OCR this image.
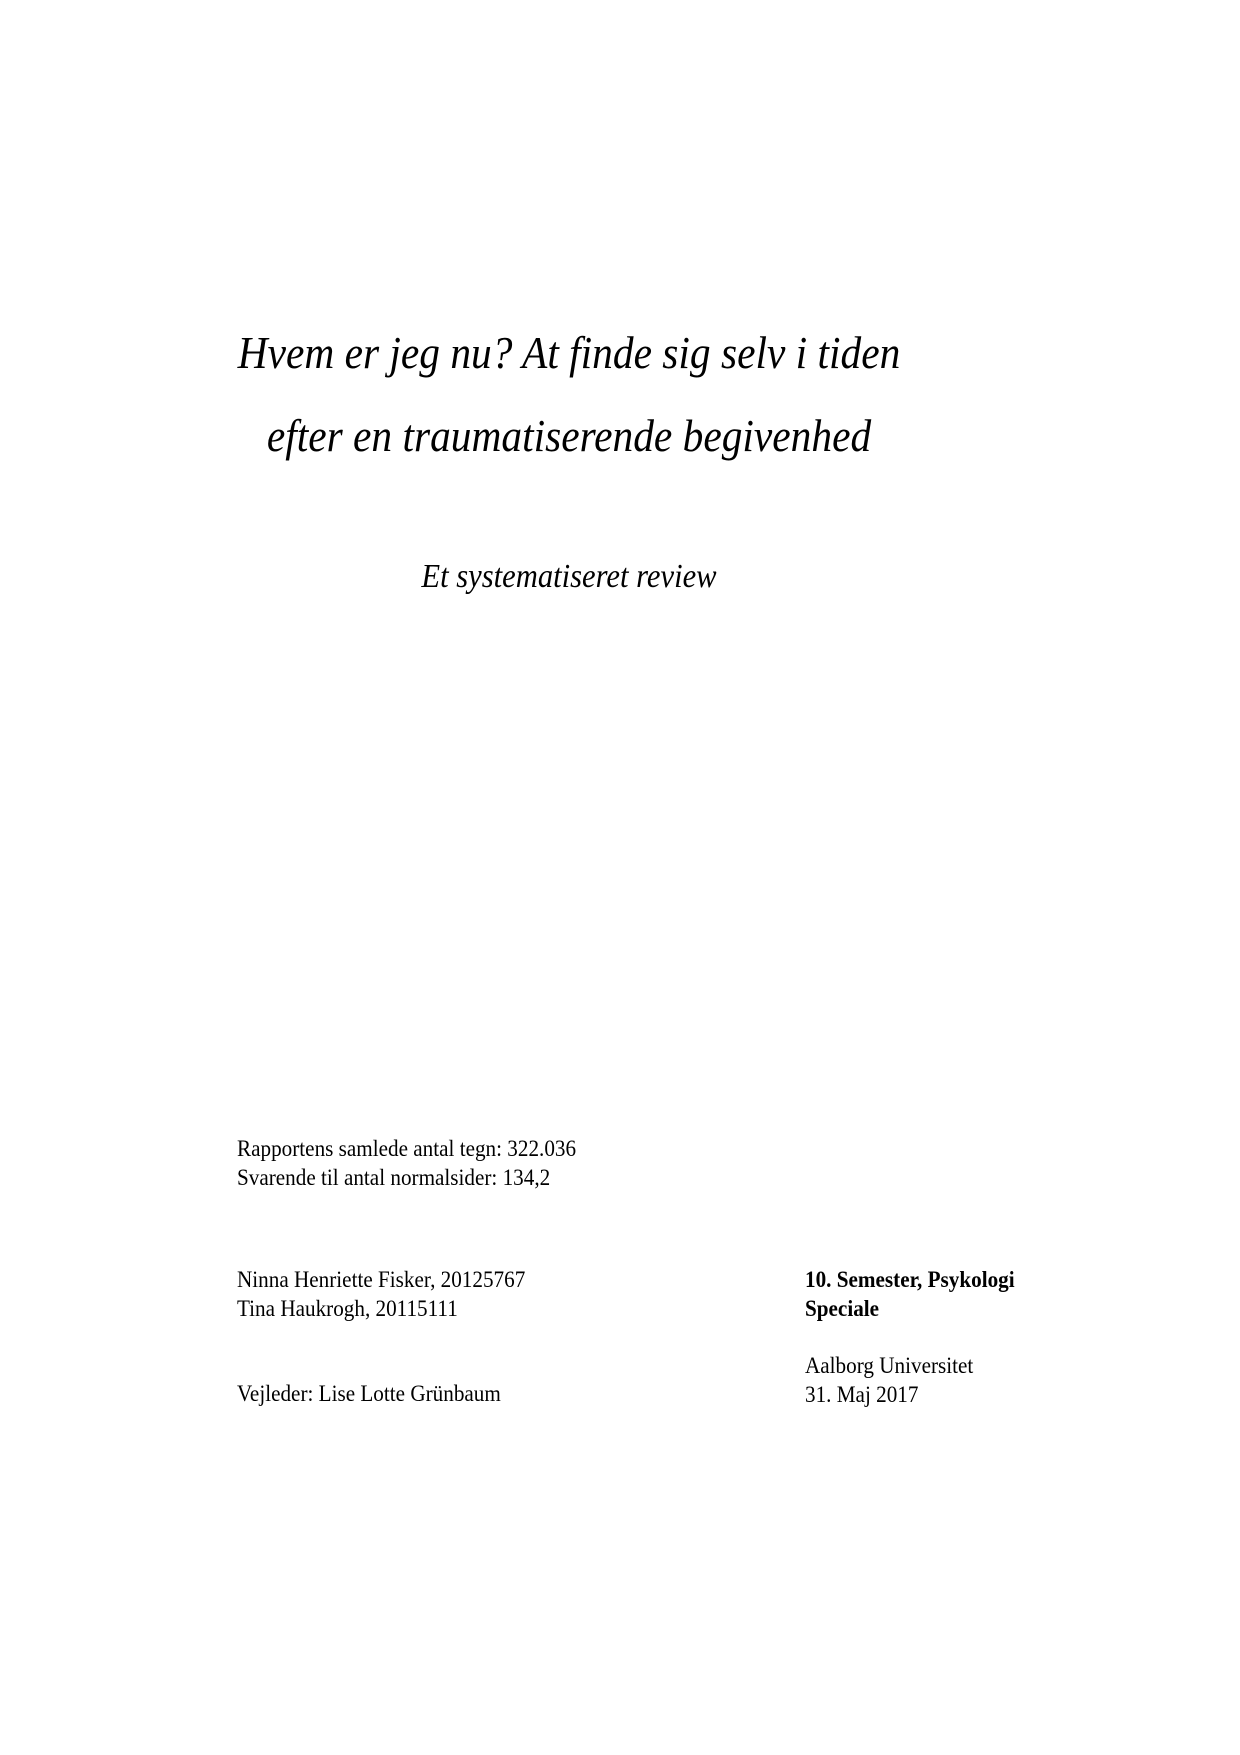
Hvem er jeg nu? At finde sig selv i tiden
efter en traumatiserende begivenhed
Et systematiseret review
Rapportens samlede antal tegn: 322.036
Svarende til antal normalsider: 134,2
Ninna Henriette Fisker, 20125767
Tina Haukrogh, 20115111
Vejleder: Lise Lotte Grünbaum
10. Semester, Psykologi
Speciale
Aalborg Universitet
31. Maj 2017
